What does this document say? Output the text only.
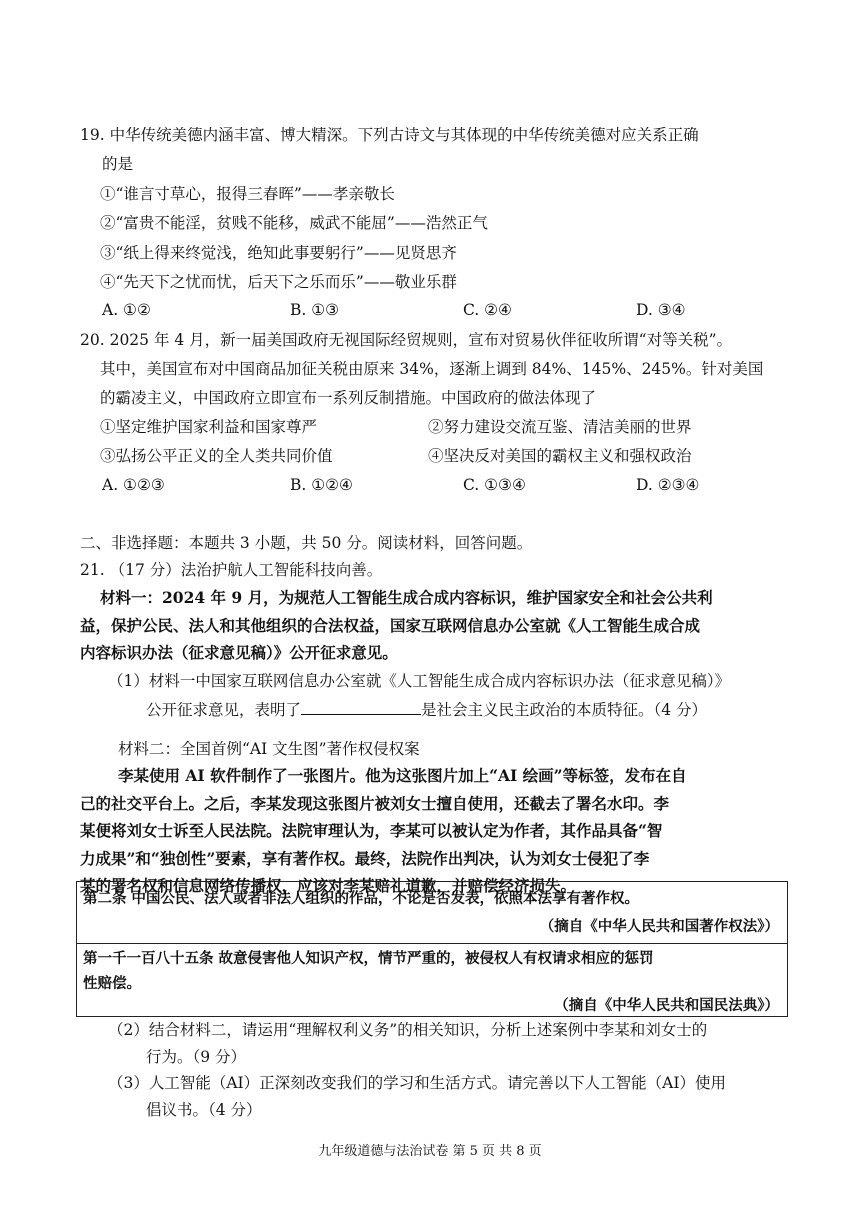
19. 中华传统美德内涵丰富、博大精深。下列古诗文与其体现的中华传统美德对应关系正确
的是
①“谁言寸草心，报得三春晖”——孝亲敬长
②“富贵不能淫，贫贱不能移，威武不能屈”——浩然正气
③“纸上得来终觉浅，绝知此事要躬行”——见贤思齐
④“先天下之忧而忧，后天下之乐而乐”——敬业乐群
A. ①②	B. ①③	C. ②④	D. ③④
20. 2025 年 4 月，新一届美国政府无视国际经贸规则，宣布对贸易伙伴征收所谓“对等关税”。
其中，美国宣布对中国商品加征关税由原来 34%，逐渐上调到 84%、145%、245%。针对美国
的霸凌主义，中国政府立即宣布一系列反制措施。中国政府的做法体现了
①坚定维护国家利益和国家尊严	②努力建设交流互鉴、清洁美丽的世界
③弘扬公平正义的全人类共同价值	④坚决反对美国的霸权主义和强权政治
A. ①②③	B. ①②④	C. ①③④	D. ②③④
二、非选择题：本题共 3 小题，共 50 分。阅读材料，回答问题。
21. （17 分）法治护航人工智能科技向善。
材料一：2024 年 9 月，为规范人工智能生成合成内容标识，维护国家安全和社会公共利
益，保护公民、法人和其他组织的合法权益，国家互联网信息办公室就《人工智能生成合成
内容标识办法（征求意见稿）》公开征求意见。
（1）材料一中国家互联网信息办公室就《人工智能生成合成内容标识办法（征求意见稿）》
公开征求意见，表明了	是社会主义民主政治的本质特征。（4 分）
材料二：全国首例“AI 文生图”著作权侵权案
李某使用 AI 软件制作了一张图片。他为这张图片加上“AI 绘画”等标签，发布在自
己的社交平台上。之后，李某发现这张图片被刘女士擅自使用，还截去了署名水印。李
某便将刘女士诉至人民法院。法院审理认为，李某可以被认定为作者，其作品具备“智
力成果”和“独创性”要素，享有著作权。最终，法院作出判决，认为刘女士侵犯了李
某的署名权和信息网络传播权，应该对李某赔礼道歉，并赔偿经济损失。
第二条 中国公民、法人或者非法人组织的作品，不论是否发表，依照本法享有著作权。
（摘自《中华人民共和国著作权法》）
第一千一百八十五条 故意侵害他人知识产权，情节严重的，被侵权人有权请求相应的惩罚
性赔偿。
（摘自《中华人民共和国民法典》）
（2）结合材料二，请运用“理解权利义务”的相关知识，分析上述案例中李某和刘女士的
行为。（9 分）
（3）人工智能（AI）正深刻改变我们的学习和生活方式。请完善以下人工智能（AI）使用
倡议书。（4 分）
九年级道德与法治试卷 第 5 页 共 8 页
